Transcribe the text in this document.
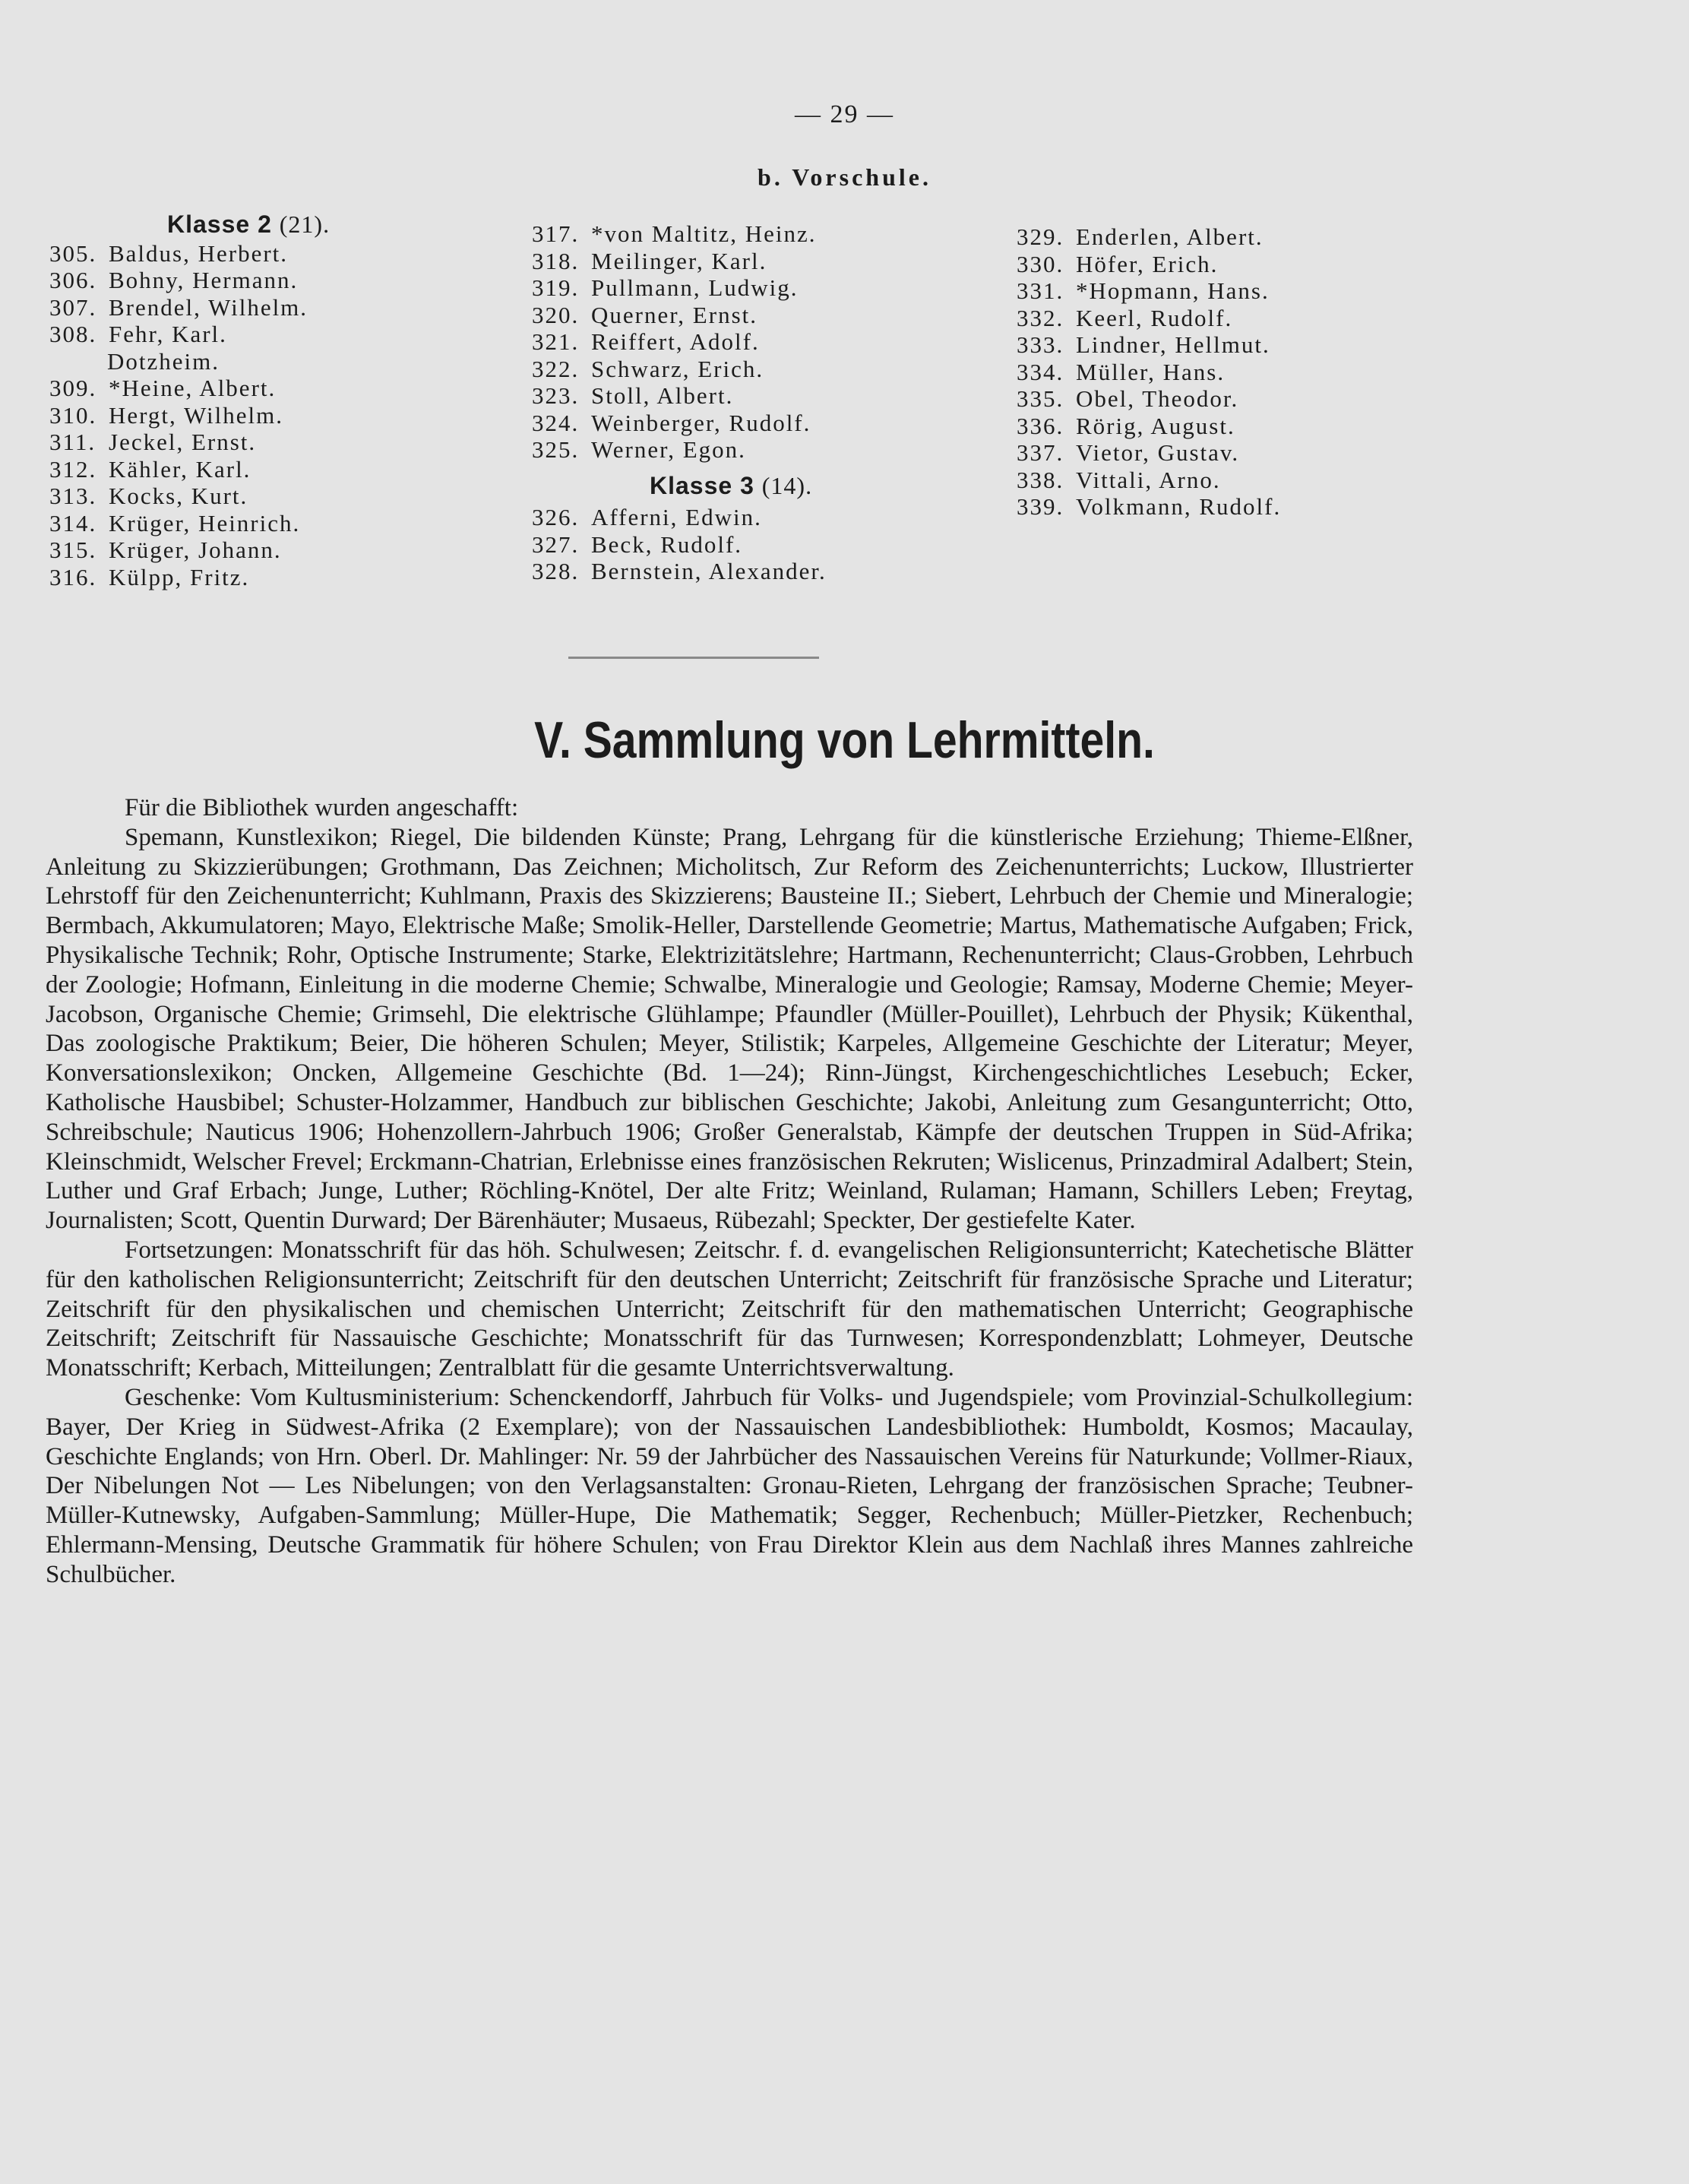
— 29 —
b. Vorschule.
Klasse 2 (21).
305. Baldus, Herbert.
306. Bohny, Hermann.
307. Brendel, Wilhelm.
308. Fehr, Karl.
Dotzheim.
309. *Heine, Albert.
310. Hergt, Wilhelm.
311. Jeckel, Ernst.
312. Kähler, Karl.
313. Kocks, Kurt.
314. Krüger, Heinrich.
315. Krüger, Johann.
316. Külpp, Fritz.
317. *von Maltitz, Heinz.
318. Meilinger, Karl.
319. Pullmann, Ludwig.
320. Querner, Ernst.
321. Reiffert, Adolf.
322. Schwarz, Erich.
323. Stoll, Albert.
324. Weinberger, Rudolf.
325. Werner, Egon.
Klasse 3 (14).
326. Afferni, Edwin.
327. Beck, Rudolf.
328. Bernstein, Alexander.
329. Enderlen, Albert.
330. Höfer, Erich.
331. *Hopmann, Hans.
332. Keerl, Rudolf.
333. Lindner, Hellmut.
334. Müller, Hans.
335. Obel, Theodor.
336. Rörig, August.
337. Vietor, Gustav.
338. Vittali, Arno.
339. Volkmann, Rudolf.
V. Sammlung von Lehrmitteln.

Für die Bibliothek wurden angeschafft:

Spemann, Kunstlexikon; Riegel, Die bildenden Künste; Prang, Lehrgang für die künstlerische Erziehung; Thieme-Elßner, Anleitung zu Skizzierübungen; Grothmann, Das Zeichnen; Micholitsch, Zur Reform des Zeichenunterrichts; Luckow, Illustrierter Lehrstoff für den Zeichenunterricht; Kuhlmann, Praxis des Skizzierens; Bausteine II.; Siebert, Lehrbuch der Chemie und Mineralogie; Bermbach, Akkumulatoren; Mayo, Elektrische Maße; Smolik-Heller, Darstellende Geometrie; Martus, Mathematische Aufgaben; Frick, Physikalische Technik; Rohr, Optische Instrumente; Starke, Elektrizitätslehre; Hartmann, Rechenunterricht; Claus-Grobben, Lehrbuch der Zoologie; Hofmann, Einleitung in die moderne Chemie; Schwalbe, Mineralogie und Geologie; Ramsay, Moderne Chemie; Meyer-Jacobson, Organische Chemie; Grimsehl, Die elektrische Glühlampe; Pfaundler (Müller-Pouillet), Lehrbuch der Physik; Kükenthal, Das zoologische Praktikum; Beier, Die höheren Schulen; Meyer, Stilistik; Karpeles, Allgemeine Geschichte der Literatur; Meyer, Konversationslexikon; Oncken, Allgemeine Geschichte (Bd. 1—24); Rinn-Jüngst, Kirchengeschichtliches Lesebuch; Ecker, Katholische Hausbibel; Schuster-Holzammer, Handbuch zur biblischen Geschichte; Jakobi, Anleitung zum Gesangunterricht; Otto, Schreibschule; Nauticus 1906; Hohenzollern-Jahrbuch 1906; Großer Generalstab, Kämpfe der deutschen Truppen in Süd-Afrika; Kleinschmidt, Welscher Frevel; Erckmann-Chatrian, Erlebnisse eines französischen Rekruten; Wislicenus, Prinzadmiral Adalbert; Stein, Luther und Graf Erbach; Junge, Luther; Röchling-Knötel, Der alte Fritz; Weinland, Rulaman; Hamann, Schillers Leben; Freytag, Journalisten; Scott, Quentin Durward; Der Bärenhäuter; Musaeus, Rübezahl; Speckter, Der gestiefelte Kater.

Fortsetzungen: Monatsschrift für das höh. Schulwesen; Zeitschr. f. d. evangelischen Religionsunterricht; Katechetische Blätter für den katholischen Religionsunterricht; Zeitschrift für den deutschen Unterricht; Zeitschrift für französische Sprache und Literatur; Zeitschrift für den physikalischen und chemischen Unterricht; Zeitschrift für den mathematischen Unterricht; Geographische Zeitschrift; Zeitschrift für Nassauische Geschichte; Monatsschrift für das Turnwesen; Korrespondenzblatt; Lohmeyer, Deutsche Monatsschrift; Kerbach, Mitteilungen; Zentralblatt für die gesamte Unterrichtsverwaltung.

Geschenke: Vom Kultusministerium: Schenckendorff, Jahrbuch für Volks- und Jugendspiele; vom Provinzial-Schulkollegium: Bayer, Der Krieg in Südwest-Afrika (2 Exemplare); von der Nassauischen Landesbibliothek: Humboldt, Kosmos; Macaulay, Geschichte Englands; von Hrn. Oberl. Dr. Mahlinger: Nr. 59 der Jahrbücher des Nassauischen Vereins für Naturkunde; Vollmer-Riaux, Der Nibelungen Not — Les Nibelungen; von den Verlagsanstalten: Gronau-Rieten, Lehrgang der französischen Sprache; Teubner-Müller-Kutnewsky, Aufgaben-Sammlung; Müller-Hupe, Die Mathematik; Segger, Rechenbuch; Müller-Pietzker, Rechenbuch; Ehlermann-Mensing, Deutsche Grammatik für höhere Schulen; von Frau Direktor Klein aus dem Nachlaß ihres Mannes zahlreiche Schulbücher.
